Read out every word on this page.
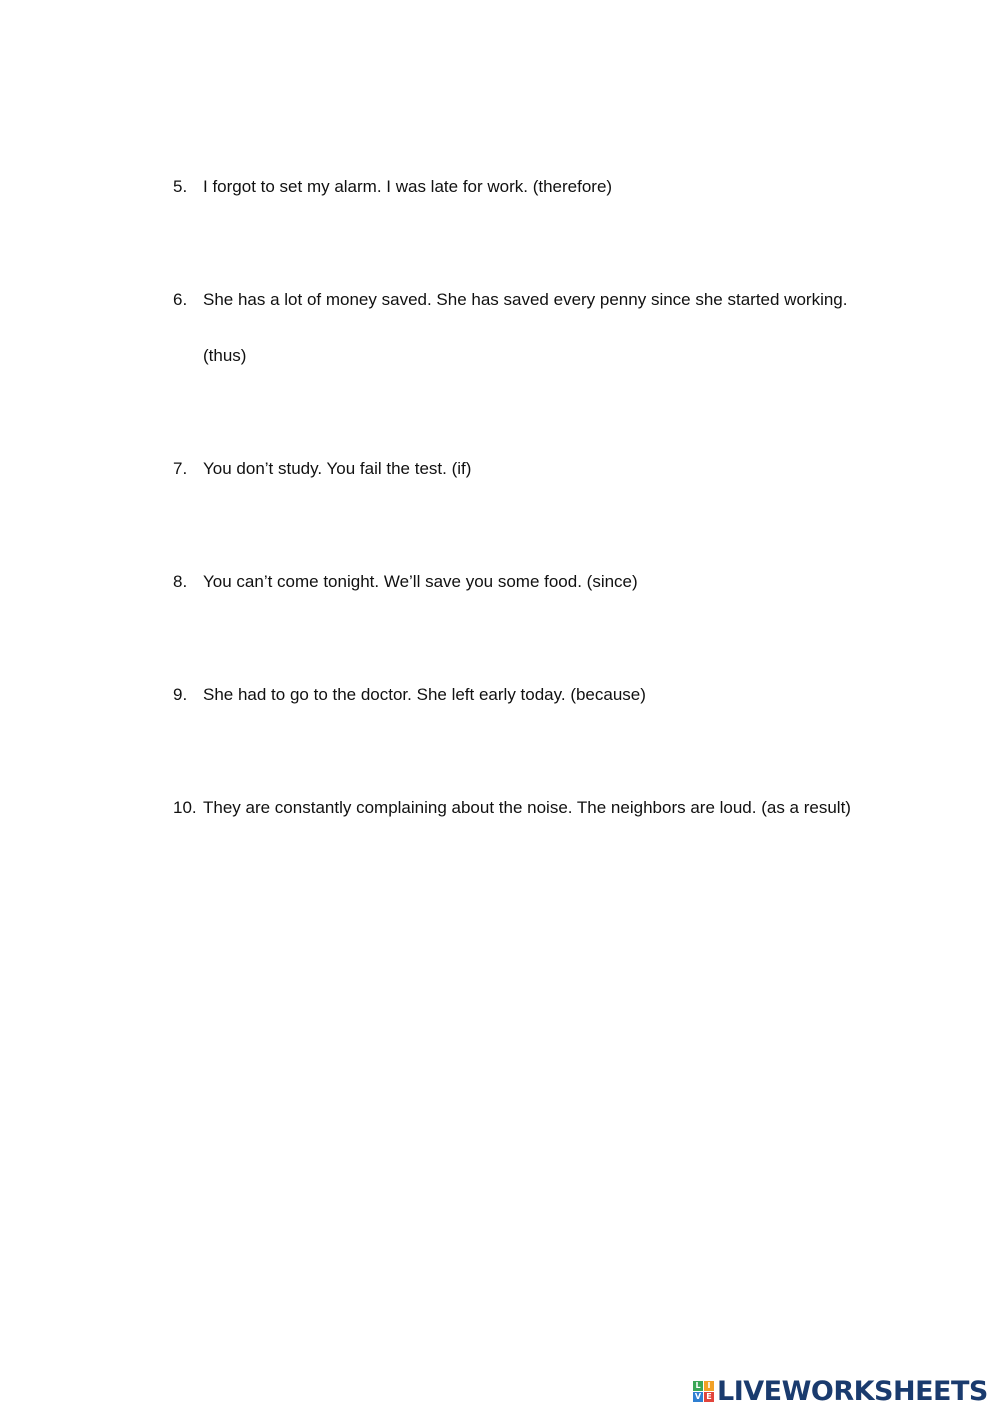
5. I forgot to set my alarm. I was late for work. (therefore)
6. She has a lot of money saved. She has saved every penny since she started working.
(thus)
7. You don’t study. You fail the test. (if)
8. You can’t come tonight. We’ll save you some food. (since)
9. She had to go to the doctor. She left early today. (because)
10. They are constantly complaining about the noise. The neighbors are loud. (as a result)
L I
V E LIVEWORKSHEETS
